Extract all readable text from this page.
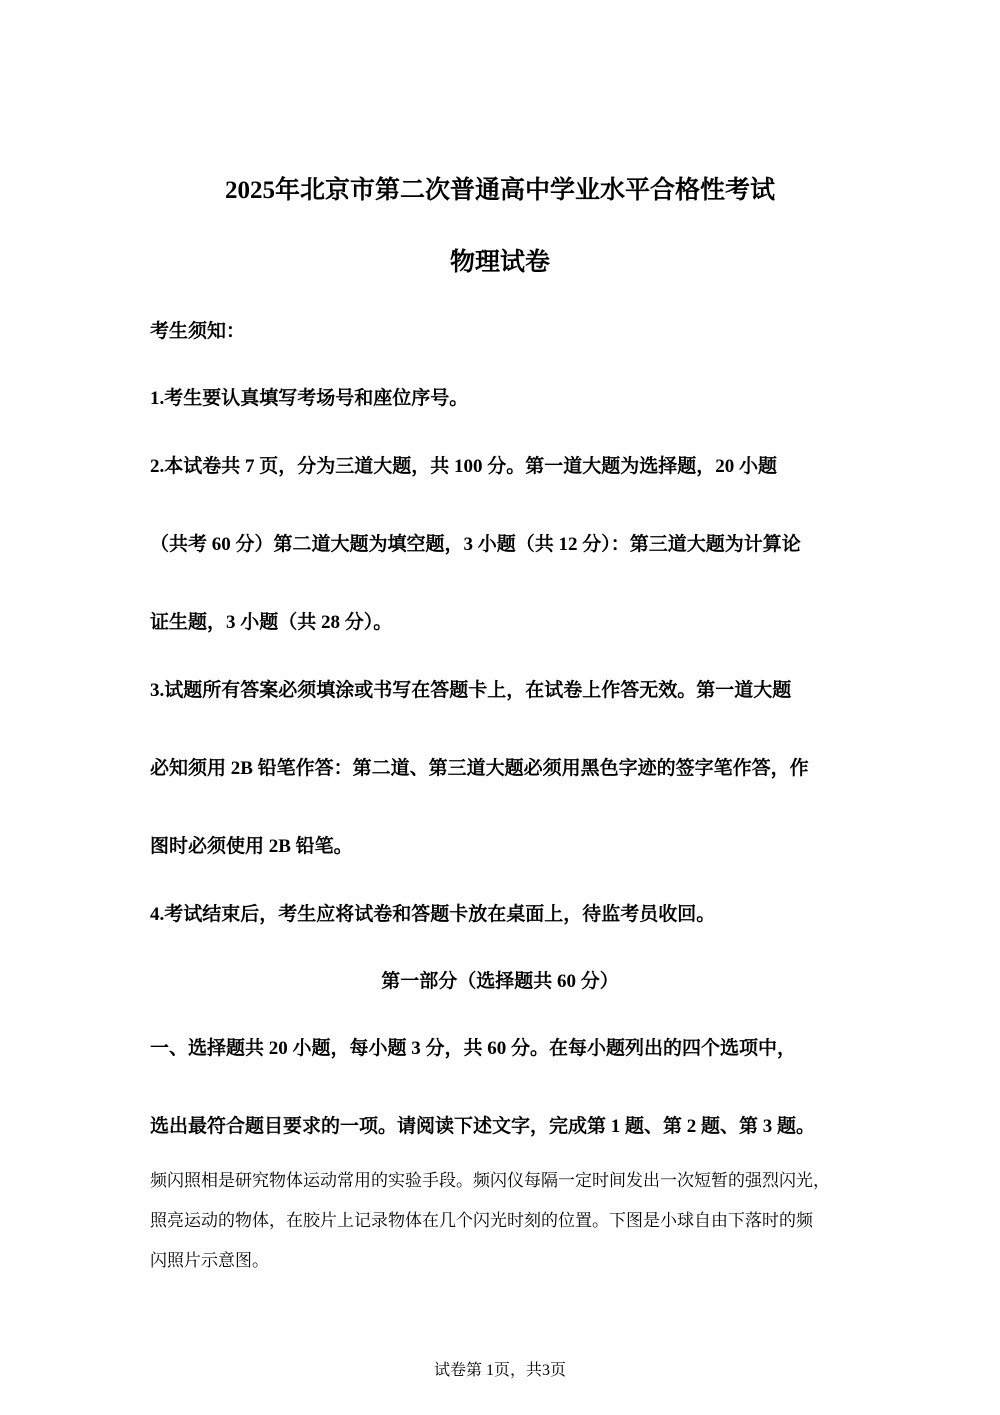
2025年北京市第二次普通高中学业水平合格性考试
物理试卷
考生须知：
1.考生要认真填写考场号和座位序号。
2.本试卷共 7 页，分为三道大题，共 100 分。第一道大题为选择题，20 小题
（共考 60 分）第二道大题为填空题，3 小题（共 12 分）：第三道大题为计算论
证生题，3 小题（共 28 分）。
3.试题所有答案必须填涂或书写在答题卡上，在试卷上作答无效。第一道大题
必知须用 2B 铅笔作答：第二道、第三道大题必须用黑色字迹的签字笔作答，作
图时必须使用 2B 铅笔。
4.考试结束后，考生应将试卷和答题卡放在桌面上，待监考员收回。
第一部分（选择题共 60 分）
一、选择题共 20 小题，每小题 3 分，共 60 分。在每小题列出的四个选项中，
选出最符合题目要求的一项。请阅读下述文字，完成第 1 题、第 2 题、第 3 题。
频闪照相是研究物体运动常用的实验手段。频闪仪每隔一定时间发出一次短暂的强烈闪光，
照亮运动的物体，在胶片上记录物体在几个闪光时刻的位置。下图是小球自由下落时的频
闪照片示意图。
试卷第 1页，共3页
